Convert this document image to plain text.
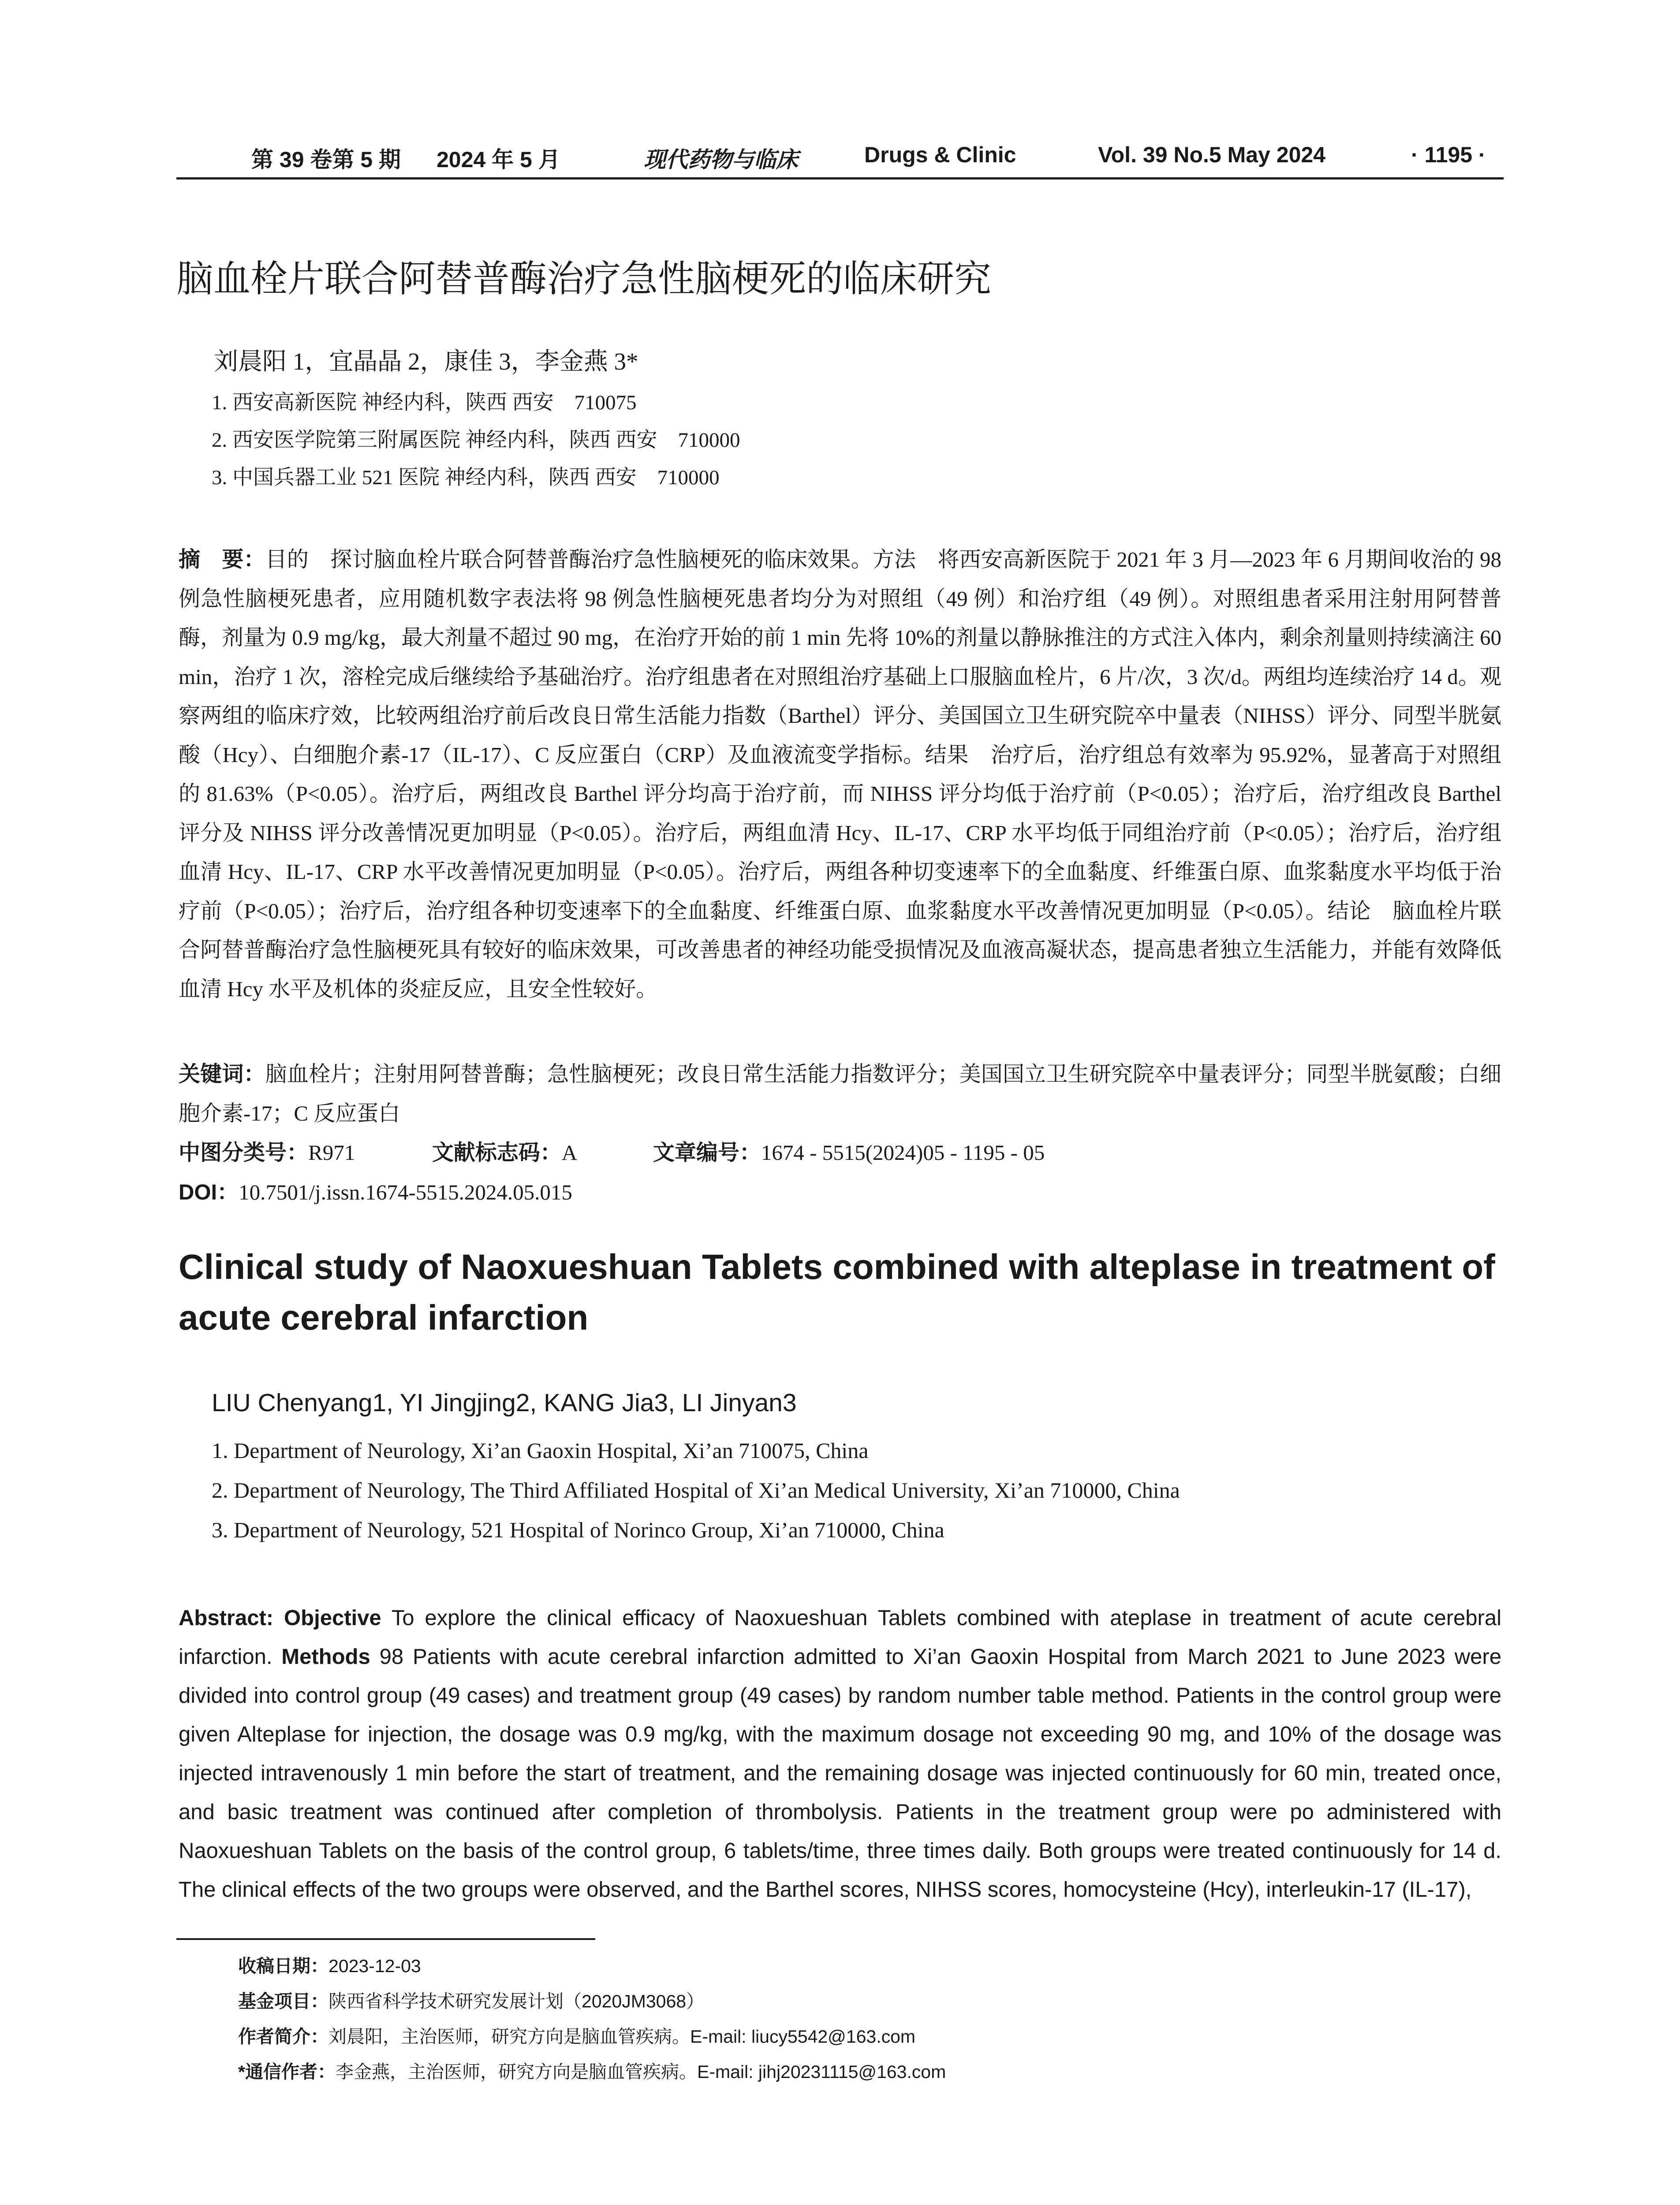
第 39 卷第 5 期 2024 年 5 月	现代药物与临床	Drugs & Clinic	Vol. 39 No.5 May 2024	· 1195 ·
脑血栓片联合阿替普酶治疗急性脑梗死的临床研究
刘晨阳 1，宜晶晶 2，康佳 3，李金燕 3*
1. 西安高新医院 神经内科，陕西 西安　710075
2. 西安医学院第三附属医院 神经内科，陕西 西安　710000
3. 中国兵器工业 521 医院 神经内科，陕西 西安　710000
摘　要：目的　探讨脑血栓片联合阿替普酶治疗急性脑梗死的临床效果。方法　将西安高新医院于 2021 年 3 月—2023 年 6 月期间收治的 98 例急性脑梗死患者，应用随机数字表法将 98 例急性脑梗死患者均分为对照组（49 例）和治疗组（49 例）。对照组患者采用注射用阿替普酶，剂量为 0.9 mg/kg，最大剂量不超过 90 mg，在治疗开始的前 1 min 先将 10%的剂量以静脉推注的方式注入体内，剩余剂量则持续滴注 60 min，治疗 1 次，溶栓完成后继续给予基础治疗。治疗组患者在对照组治疗基础上口服脑血栓片，6 片/次，3 次/d。两组均连续治疗 14 d。观察两组的临床疗效，比较两组治疗前后改良日常生活能力指数（Barthel）评分、美国国立卫生研究院卒中量表（NIHSS）评分、同型半胱氨酸（Hcy）、白细胞介素-17（IL-17）、C 反应蛋白（CRP）及血液流变学指标。结果　治疗后，治疗组总有效率为 95.92%，显著高于对照组的 81.63%（P<0.05）。治疗后，两组改良 Barthel 评分均高于治疗前，而 NIHSS 评分均低于治疗前（P<0.05）；治疗后，治疗组改良 Barthel 评分及 NIHSS 评分改善情况更加明显（P<0.05）。治疗后，两组血清 Hcy、IL-17、CRP 水平均低于同组治疗前（P<0.05）；治疗后，治疗组血清 Hcy、IL-17、CRP 水平改善情况更加明显（P<0.05）。治疗后，两组各种切变速率下的全血黏度、纤维蛋白原、血浆黏度水平均低于治疗前（P<0.05）；治疗后，治疗组各种切变速率下的全血黏度、纤维蛋白原、血浆黏度水平改善情况更加明显（P<0.05）。结论　脑血栓片联合阿替普酶治疗急性脑梗死具有较好的临床效果，可改善患者的神经功能受损情况及血液高凝状态，提高患者独立生活能力，并能有效降低血清 Hcy 水平及机体的炎症反应，且安全性较好。
关键词：脑血栓片；注射用阿替普酶；急性脑梗死；改良日常生活能力指数评分；美国国立卫生研究院卒中量表评分；同型半胱氨酸；白细胞介素-17；C 反应蛋白
中图分类号：R971	文献标志码：A	文章编号：1674 - 5515(2024)05 - 1195 - 05
DOI：10.7501/j.issn.1674-5515.2024.05.015
Clinical study of Naoxueshuan Tablets combined with alteplase in treatment of acute cerebral infarction
LIU Chenyang1, YI Jingjing2, KANG Jia3, LI Jinyan3
1. Department of Neurology, Xi’an Gaoxin Hospital, Xi’an 710075, China
2. Department of Neurology, The Third Affiliated Hospital of Xi’an Medical University, Xi’an 710000, China
3. Department of Neurology, 521 Hospital of Norinco Group, Xi’an 710000, China
Abstract: Objective To explore the clinical efficacy of Naoxueshuan Tablets combined with ateplase in treatment of acute cerebral infarction. Methods 98 Patients with acute cerebral infarction admitted to Xi’an Gaoxin Hospital from March 2021 to June 2023 were divided into control group (49 cases) and treatment group (49 cases) by random number table method. Patients in the control group were given Alteplase for injection, the dosage was 0.9 mg/kg, with the maximum dosage not exceeding 90 mg, and 10% of the dosage was injected intravenously 1 min before the start of treatment, and the remaining dosage was injected continuously for 60 min, treated once, and basic treatment was continued after completion of thrombolysis. Patients in the treatment group were po administered with Naoxueshuan Tablets on the basis of the control group, 6 tablets/time, three times daily. Both groups were treated continuously for 14 d. The clinical effects of the two groups were observed, and the Barthel scores, NIHSS scores, homocysteine (Hcy), interleukin-17 (IL-17),
收稿日期：2023-12-03
基金项目：陕西省科学技术研究发展计划（2020JM3068）
作者简介：刘晨阳，主治医师，研究方向是脑血管疾病。E-mail: liucy5542@163.com
*通信作者：李金燕，主治医师，研究方向是脑血管疾病。E-mail: jihj20231115@163.com
